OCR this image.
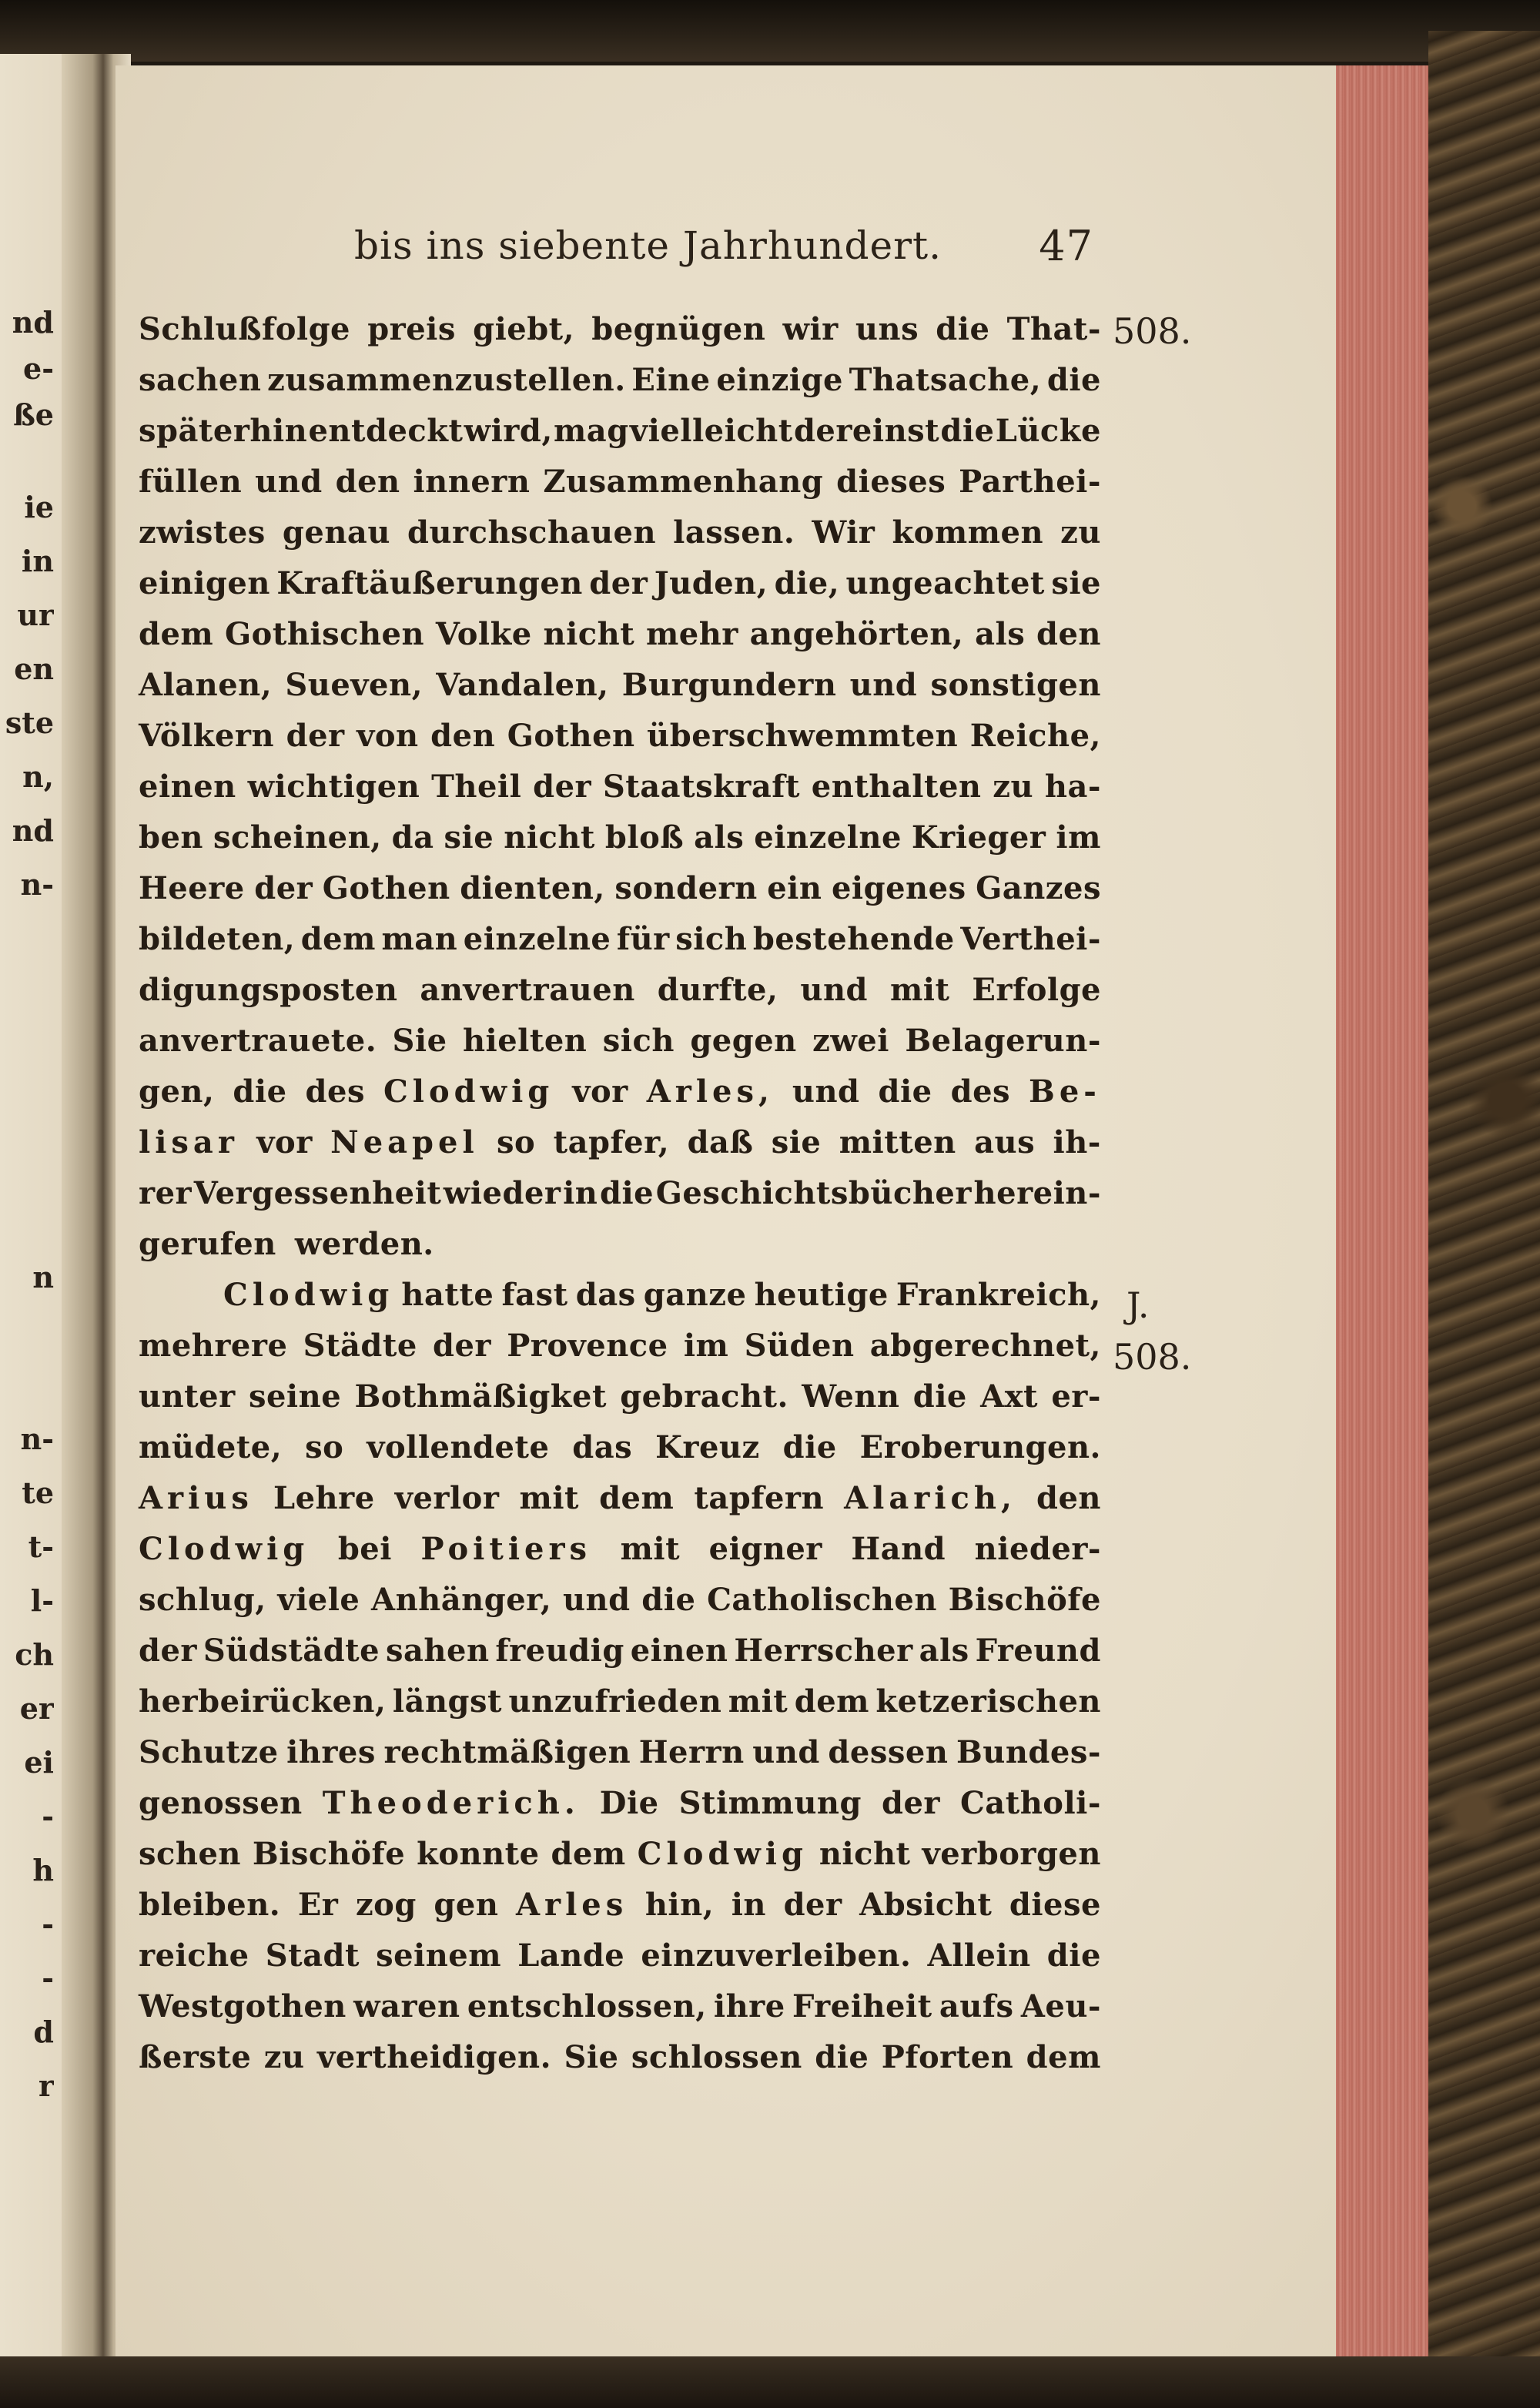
nd
e-
ße
ie
in
ur
en
ste
n,
nd
n-
n
n-
te
t-
l-
ch
er
ei
-
h
-
-
d
r
bis ins siebente Jahrhundert. 47
508.
J.
508.
Schlußfolge preis giebt, begnügen wir uns die That-
sachen zusammenzustellen. Eine einzige Thatsache, die
späterhin entdeckt wird, mag vielleicht dereinst die Lücke
füllen und den innern Zusammenhang dieses Parthei-
zwistes genau durchschauen lassen. Wir kommen zu
einigen Kraftäußerungen der Juden, die, ungeachtet sie
dem Gothischen Volke nicht mehr angehörten, als den
Alanen, Sueven, Vandalen, Burgundern und sonstigen
Völkern der von den Gothen überschwemmten Reiche,
einen wichtigen Theil der Staatskraft enthalten zu ha-
ben scheinen, da sie nicht bloß als einzelne Krieger im
Heere der Gothen dienten, sondern ein eigenes Ganzes
bildeten, dem man einzelne für sich bestehende Verthei-
digungsposten anvertrauen durfte, und mit Erfolge
anvertrauete. Sie hielten sich gegen zwei Belagerun-
gen, die des Clodwig vor Arles, und die des Be-
lisar vor Neapel so tapfer, daß sie mitten aus ih-
rer Vergessenheit wieder in die Geschichtsbücher herein-
gerufen werden.
Clodwig hatte fast das ganze heutige Frankreich,
mehrere Städte der Provence im Süden abgerechnet,
unter seine Bothmäßigket gebracht. Wenn die Axt er-
müdete, so vollendete das Kreuz die Eroberungen.
Arius Lehre verlor mit dem tapfern Alarich, den
Clodwig bei Poitiers mit eigner Hand nieder-
schlug, viele Anhänger, und die Catholischen Bischöfe
der Südstädte sahen freudig einen Herrscher als Freund
herbeirücken, längst unzufrieden mit dem ketzerischen
Schutze ihres rechtmäßigen Herrn und dessen Bundes-
genossen Theoderich. Die Stimmung der Catholi-
schen Bischöfe konnte dem Clodwig nicht verborgen
bleiben. Er zog gen Arles hin, in der Absicht diese
reiche Stadt seinem Lande einzuverleiben. Allein die
Westgothen waren entschlossen, ihre Freiheit aufs Aeu-
ßerste zu vertheidigen. Sie schlossen die Pforten dem
